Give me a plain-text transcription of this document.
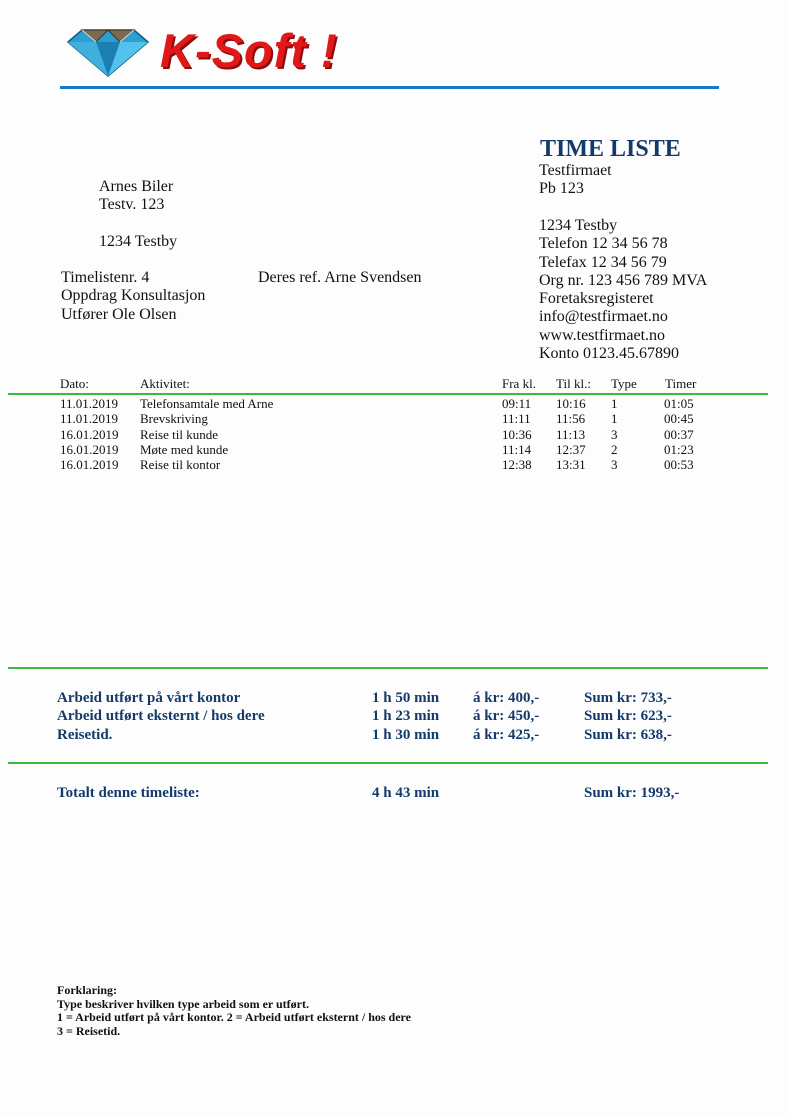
K-Soft !
TIME LISTE
Testfirmaet
Pb 123
1234 Testby
Telefon 12 34 56 78
Telefax 12 34 56 79
Org nr. 123 456 789 MVA
Foretaksregisteret
info@testfirmaet.no
www.testfirmaet.no
Konto 0123.45.67890
Arnes Biler
Testv. 123
1234 Testby
Timelistenr. 4
Oppdrag Konsultasjon
Utfører Ole Olsen
Deres ref. Arne Svendsen
Dato:	Aktivitet:	Fra kl. Til kl.: Type Timer
11.01.2019 Telefonsamtale med Arne	09:11 10:16 1	01:05
11.01.2019 Brevskriving	11:11 11:56 1	00:45
16.01.2019 Reise til kunde	10:36 11:13 3	00:37
16.01.2019 Møte med kunde	11:14 12:37 2	01:23
16.01.2019 Reise til kontor	12:38 13:31 3	00:53
Arbeid utført på vårt kontor	1 h 50 min á kr: 400,-	Sum kr: 733,-
Arbeid utført eksternt / hos dere	1 h 23 min á kr: 450,-	Sum kr: 623,-
Reisetid.	1 h 30 min á kr: 425,-	Sum kr: 638,-
Totalt denne timeliste:	4 h 43 min	Sum kr: 1993,-
Forklaring:
Type beskriver hvilken type arbeid som er utført.
1 = Arbeid utført på vårt kontor. 2 = Arbeid utført eksternt / hos dere
3 = Reisetid.
